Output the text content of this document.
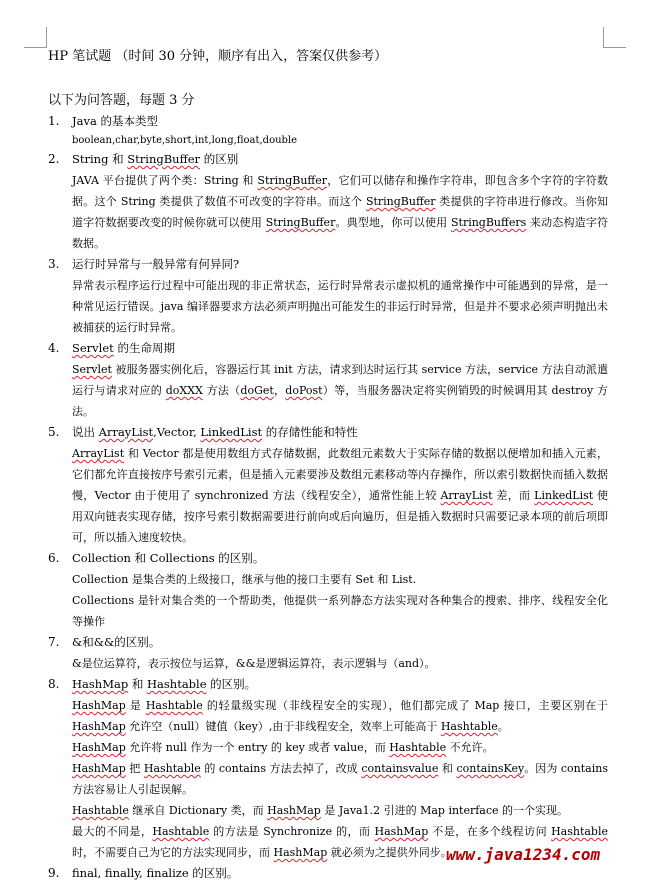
HP 笔试题 （时间 30 分钟，顺序有出入，答案仅供参考）
以下为问答题，每题 3 分
1.	Java 的基本类型
boolean,char,byte,short,int,long,float,double
2.	String 和 StringBuffer 的区别
JAVA 平台提供了两个类：String 和 StringBuffer，它们可以储存和操作字符串，即包含多个字符的字符数据。这个 String 类提供了数值不可改变的字符串。而这个 StringBuffer 类提供的字符串进行修改。当你知道字符数据要改变的时候你就可以使用 StringBuffer。典型地，你可以使用 StringBuffers 来动态构造字符数据。
3.	运行时异常与一般异常有何异同?
异常表示程序运行过程中可能出现的非正常状态，运行时异常表示虚拟机的通常操作中可能遇到的异常，是一种常见运行错误。java 编译器要求方法必须声明抛出可能发生的非运行时异常，但是并不要求必须声明抛出未被捕获的运行时异常。
4.	Servlet 的生命周期
Servlet 被服务器实例化后，容器运行其 init 方法，请求到达时运行其 service 方法，service 方法自动派遣运行与请求对应的 doXXX 方法（doGet，doPost）等，当服务器决定将实例销毁的时候调用其 destroy 方法。
5.	说出 ArrayList,Vector, LinkedList 的存储性能和特性
ArrayList 和 Vector 都是使用数组方式存储数据，此数组元素数大于实际存储的数据以便增加和插入元素，它们都允许直接按序号索引元素，但是插入元素要涉及数组元素移动等内存操作，所以索引数据快而插入数据慢，Vector 由于使用了 synchronized 方法（线程安全），通常性能上较 ArrayList 差，而 LinkedList 使用双向链表实现存储，按序号索引数据需要进行前向或后向遍历，但是插入数据时只需要记录本项的前后项即可，所以插入速度较快。
6.	Collection 和 Collections 的区别。
Collection 是集合类的上级接口，继承与他的接口主要有 Set 和 List.
Collections 是针对集合类的一个帮助类，他提供一系列静态方法实现对各种集合的搜索、排序、线程安全化等操作
7.	&和&&的区别。
&是位运算符，表示按位与运算，&&是逻辑运算符，表示逻辑与（and）。
8.	HashMap 和 Hashtable 的区别。
HashMap 是 Hashtable 的轻量级实现（非线程安全的实现），他们都完成了 Map 接口，主要区别在于 HashMap 允许空（null）键值（key）,由于非线程安全，效率上可能高于 Hashtable。
HashMap 允许将 null 作为一个 entry 的 key 或者 value，而 Hashtable 不允许。
HashMap 把 Hashtable 的 contains 方法去掉了，改成 containsvalue 和 containsKey。因为 contains 方法容易让人引起误解。
Hashtable 继承自 Dictionary 类，而 HashMap 是 Java1.2 引进的 Map interface 的一个实现。
最大的不同是，Hashtable 的方法是 Synchronize 的，而 HashMap 不是，在多个线程访问 Hashtable 时，不需要自己为它的方法实现同步，而 HashMap 就必须为之提供外同步。
9.	final, finally, finalize 的区别。
www.java1234.com
